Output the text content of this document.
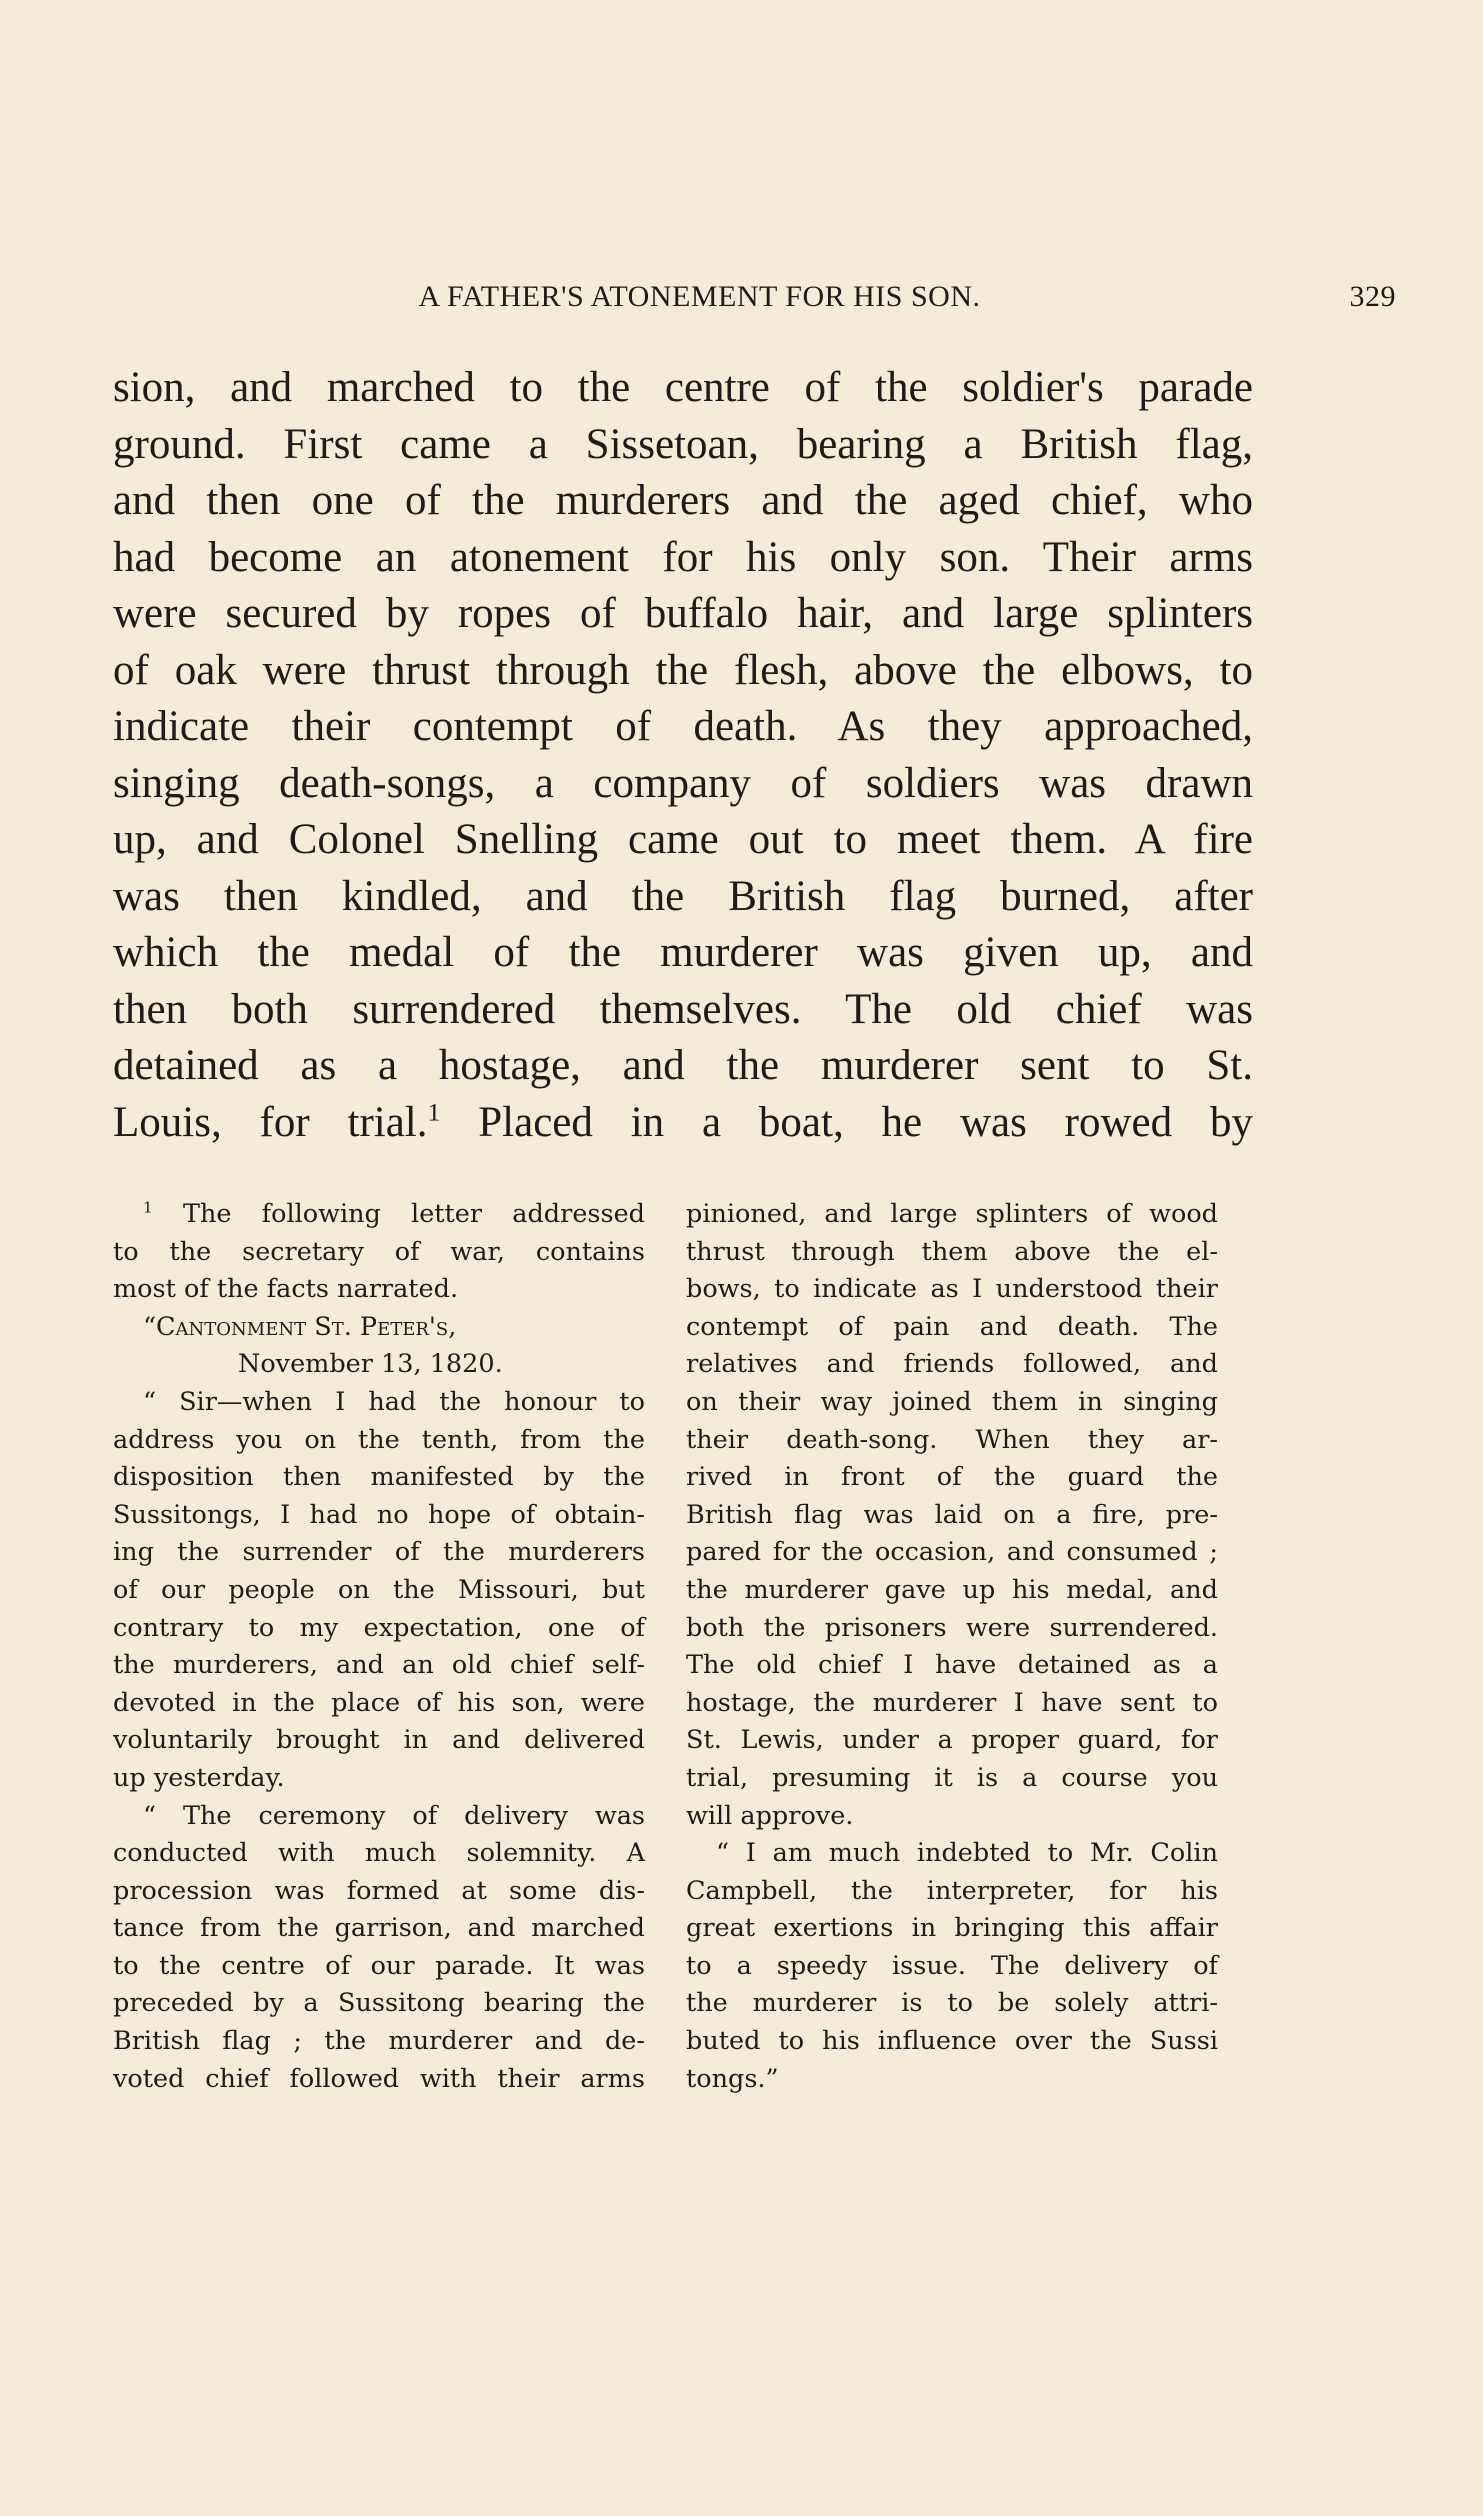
A FATHER'S ATONEMENT FOR HIS SON.	329
sion, and marched to the centre of the soldier's parade
ground. First came a Sissetoan, bearing a British flag,
and then one of the murderers and the aged chief, who
had become an atonement for his only son. Their arms
were secured by ropes of buffalo hair, and large splinters
of oak were thrust through the flesh, above the elbows, to
indicate their contempt of death. As they approached,
singing death-songs, a company of soldiers was drawn
up, and Colonel Snelling came out to meet them. A fire
was then kindled, and the British flag burned, after
which the medal of the murderer was given up, and
then both surrendered themselves. The old chief was
detained as a hostage, and the murderer sent to St.
Louis, for trial.$^1$ Placed in a boat, he was rowed by
$^1$ The following letter addressed
to the secretary of war, contains
most of the facts narrated.
“Cantonment St. Peter's,
November 13, 1820.
“ Sir—when I had the honour to
address you on the tenth, from the
disposition then manifested by the
Sussitongs, I had no hope of obtain-
ing the surrender of the murderers
of our people on the Missouri, but
contrary to my expectation, one of
the murderers, and an old chief self-
devoted in the place of his son, were
voluntarily brought in and delivered
up yesterday.
“ The ceremony of delivery was
conducted with much solemnity. A
procession was formed at some dis-
tance from the garrison, and marched
to the centre of our parade. It was
preceded by a Sussitong bearing the
British flag ; the murderer and de-
voted chief followed with their arms
pinioned, and large splinters of wood
thrust through them above the el-
bows, to indicate as I understood their
contempt of pain and death. The
relatives and friends followed, and
on their way joined them in singing
their death-song. When they ar-
rived in front of the guard the
British flag was laid on a fire, pre-
pared for the occasion, and consumed ;
the murderer gave up his medal, and
both the prisoners were surrendered.
The old chief I have detained as a
hostage, the murderer I have sent to
St. Lewis, under a proper guard, for
trial, presuming it is a course you
will approve.
“ I am much indebted to Mr. Colin
Campbell, the interpreter, for his
great exertions in bringing this affair
to a speedy issue. The delivery of
the murderer is to be solely attri-
buted to his influence over the Sussi
tongs.”
